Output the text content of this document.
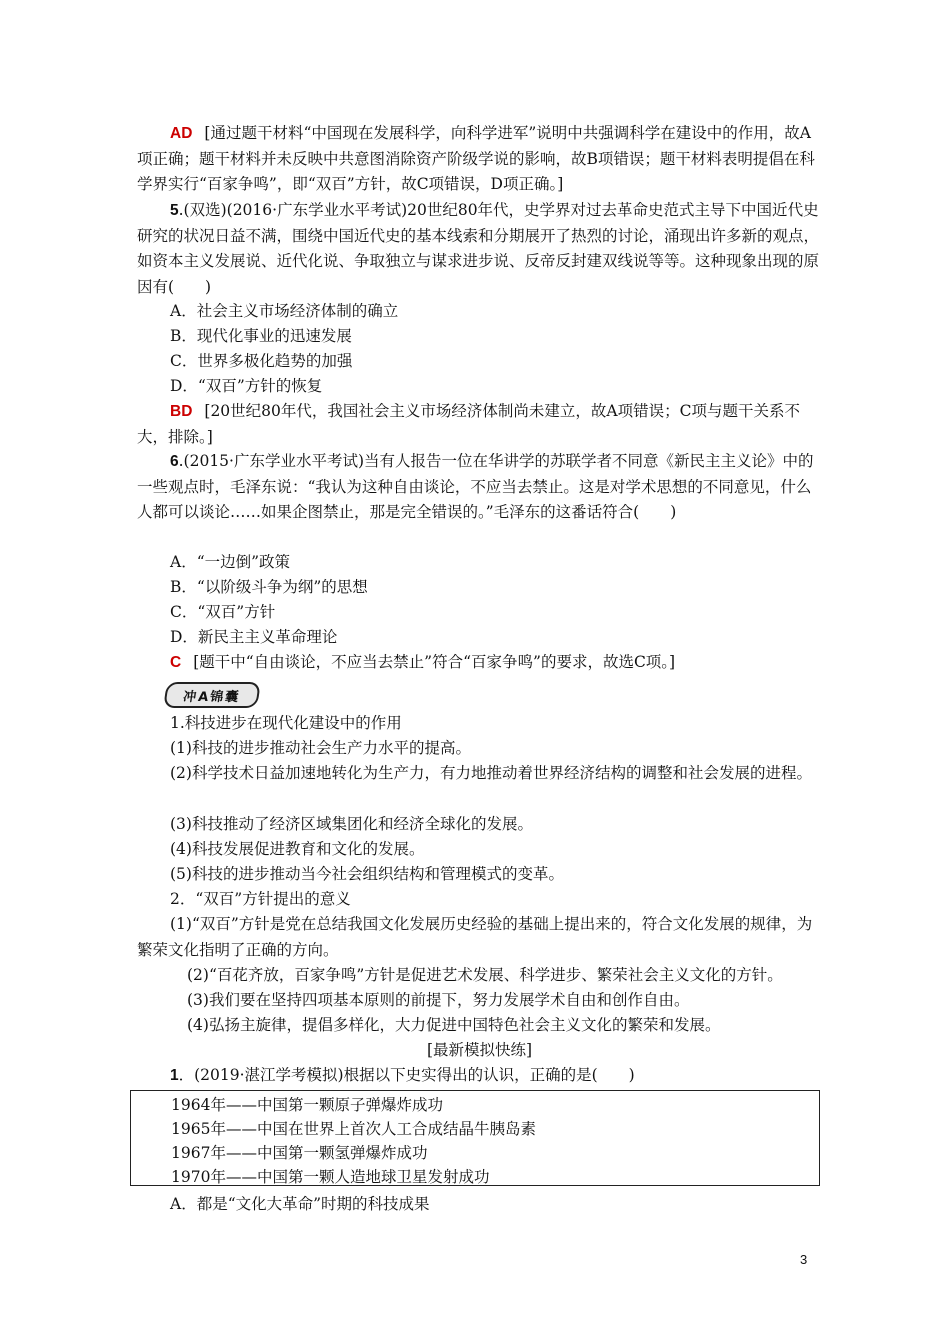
AD [通过题干材料“中国现在发展科学，向科学进军”说明中共强调科学在建设中的作用，故A项正确；题干材料并未反映中共意图消除资产阶级学说的影响，故B项错误；题干材料表明提倡在科学界实行“百家争鸣”，即“双百”方针，故C项错误，D项正确。]

5.(双选)(2016·广东学业水平考试)20世纪80年代，史学界对过去革命史范式主导下中国近代史研究的状况日益不满，围绕中国近代史的基本线索和分期展开了热烈的讨论，涌现出许多新的观点，如资本主义发展说、近代化说、争取独立与谋求进步说、反帝反封建双线说等等。这种现象出现的原因有(　　)

A．社会主义市场经济体制的确立

B．现代化事业的迅速发展

C．世界多极化趋势的加强

D．“双百”方针的恢复

BD [20世纪80年代，我国社会主义市场经济体制尚未建立，故A项错误；C项与题干关系不大，排除。]

6.(2015·广东学业水平考试)当有人报告一位在华讲学的苏联学者不同意《新民主主义论》中的一些观点时，毛泽东说：“我认为这种自由谈论，不应当去禁止。这是对学术思想的不同意见，什么人都可以谈论……如果企图禁止，那是完全错误的。”毛泽东的这番话符合(　　)

A．“一边倒”政策

B．“以阶级斗争为纲”的思想

C．“双百”方针

D．新民主主义革命理论

C [题干中“自由谈论，不应当去禁止”符合“百家争鸣”的要求，故选C项。]

冲A锦囊

1.科技进步在现代化建设中的作用

(1)科技的进步推动社会生产力水平的提高。

(2)科学技术日益加速地转化为生产力，有力地推动着世界经济结构的调整和社会发展的进程。

(3)科技推动了经济区域集团化和经济全球化的发展。

(4)科技发展促进教育和文化的发展。

(5)科技的进步推动当今社会组织结构和管理模式的变革。

2．“双百”方针提出的意义

(1)“双百”方针是党在总结我国文化发展历史经验的基础上提出来的，符合文化发展的规律，为繁荣文化指明了正确的方向。

(2)“百花齐放，百家争鸣”方针是促进艺术发展、科学进步、繁荣社会主义文化的方针。

(3)我们要在坚持四项基本原则的前提下，努力发展学术自由和创作自由。

(4)弘扬主旋律，提倡多样化，大力促进中国特色社会主义文化的繁荣和发展。

[最新模拟快练]

1．(2019·湛江学考模拟)根据以下史实得出的认识，正确的是(　　)

1964年——中国第一颗原子弹爆炸成功

1965年——中国在世界上首次人工合成结晶牛胰岛素

1967年——中国第一颗氢弹爆炸成功

1970年——中国第一颗人造地球卫星发射成功

A．都是“文化大革命”时期的科技成果

3
